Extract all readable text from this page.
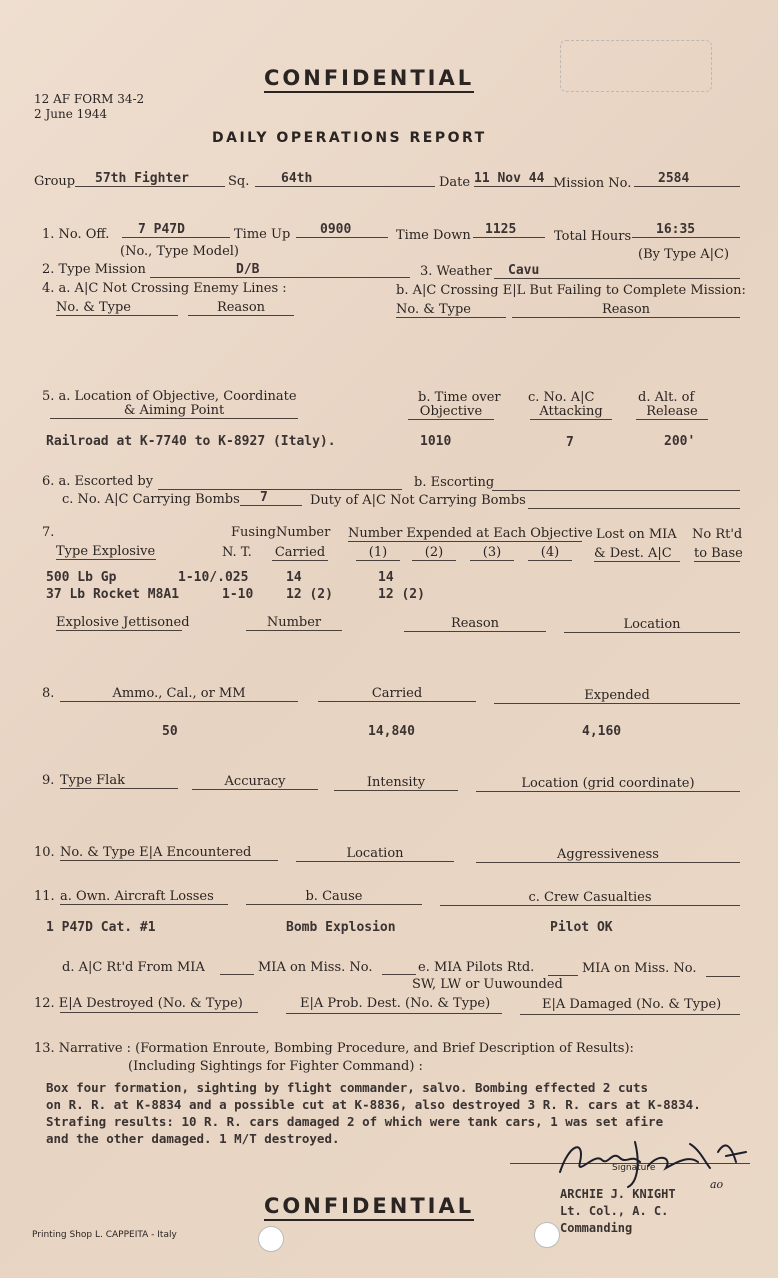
CONFIDENTIAL
12 AF FORM 34-2
2 June 1944
DAILY OPERATIONS REPORT
Group	57th Fighter	Sq.	64th	Date 11 Nov 44 Mission No.	2584
1. No. Off.	7 P47D
(No., Type Model)
Time Up	0900	Time Down	1125	Total Hours	16:35
(By Type A|C)
2. Type Mission	D/B	3. Weather	Cavu
4. a. A|C Not Crossing Enemy Lines :	b. A|C Crossing E|L But Failing to Complete Mission:
No. & Type	Reason	No. & Type	Reason
5. a. Location of Objective, Coordinate
& Aiming Point
b. Time over
Objective
c. No. A|C
Attacking
d. Alt. of
Release
Railroad at K-7740 to K-8927 (Italy).	1010	7	200'
6. a. Escorted by	b. Escorting
c. No. A|C Carrying Bombs	7	Duty of A|C Not Carrying Bombs
7.
Type Explosive
Fusing
N. T.
Number
Carried
Number Expended at Each Objective
(1)	(2)	(3)	(4)
Lost on MIA
& Dest. A|C
No Rt'd
to Base
500 Lb Gp	1-10/.025	14	14
37 Lb Rocket M8A1	1-10	12 (2)	12 (2)
Explosive Jettisoned	Number	Reason	Location
8.	Ammo., Cal., or MM	Carried	Expended
50	14,840	4,160
9. Type Flak	Accuracy	Intensity	Location (grid coordinate)
10. No. & Type E|A Encountered	Location	Aggressiveness
11. a. Own. Aircraft Losses	b. Cause	c. Crew Casualties
1 P47D Cat. #1	Bomb Explosion	Pilot OK
d. A|C Rt'd From MIA	MIA on Miss. No.	e. MIA Pilots Rtd.	MIA on Miss. No.
SW, LW or Uuwounded
12. E|A Destroyed (No. & Type)	E|A Prob. Dest. (No. & Type)	E|A Damaged (No. & Type)
13. Narrative : (Formation Enroute, Bombing Procedure, and Brief Description of Results):
(Including Sightings for Fighter Command) :
Box four formation, sighting by flight commander, salvo. Bombing effected 2 cuts
on R. R. at K-8834 and a possible cut at K-8836, also destroyed 3 R. R. cars at K-8834.
Strafing results: 10 R. R. cars damaged 2 of which were tank cars, 1 was set afire
and the other damaged. 1 M/T destroyed.
Signature
ao
ARCHIE J. KNIGHT
Lt. Col., A. C.
Commanding
CONFIDENTIAL
Printing Shop L. CAPPEITA - Italy
